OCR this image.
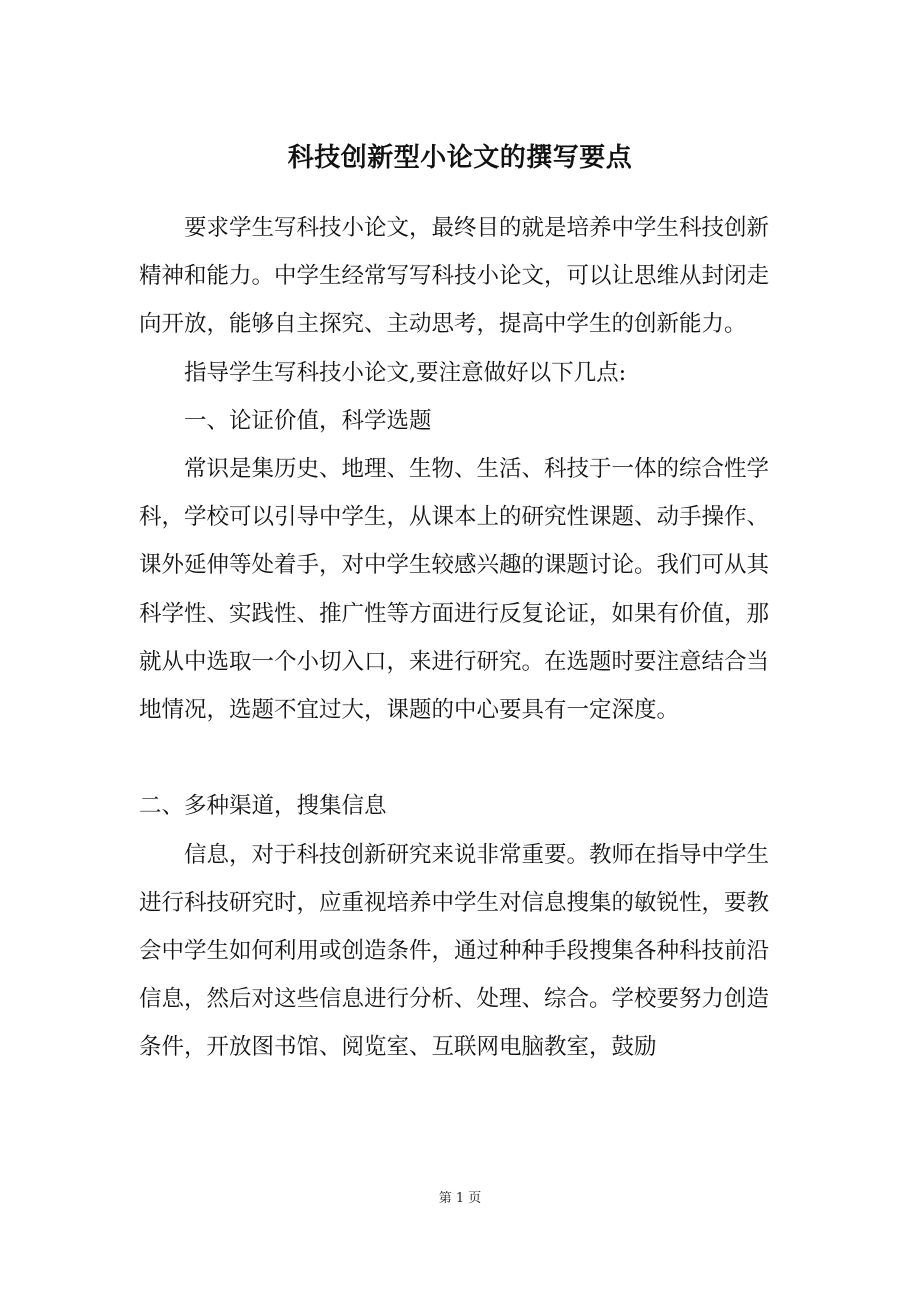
科技创新型小论文的撰写要点

要求学生写科技小论文，最终目的就是培养中学生科技创新精神和能力。中学生经常写写科技小论文，可以让思维从封闭走向开放，能够自主探究、主动思考，提高中学生的创新能力。

指导学生写科技小论文,要注意做好以下几点:

一、论证价值，科学选题

常识是集历史、地理、生物、生活、科技于一体的综合性学科，学校可以引导中学生，从课本上的研究性课题、动手操作、课外延伸等处着手，对中学生较感兴趣的课题讨论。我们可从其科学性、实践性、推广性等方面进行反复论证，如果有价值，那就从中选取一个小切入口，来进行研究。在选题时要注意结合当地情况，选题不宜过大，课题的中心要具有一定深度。

二、多种渠道，搜集信息

信息，对于科技创新研究来说非常重要。教师在指导中学生进行科技研究时，应重视培养中学生对信息搜集的敏锐性，要教会中学生如何利用或创造条件，通过种种手段搜集各种科技前沿信息，然后对这些信息进行分析、处理、综合。学校要努力创造条件，开放图书馆、阅览室、互联网电脑教室，鼓励

第 1 页
